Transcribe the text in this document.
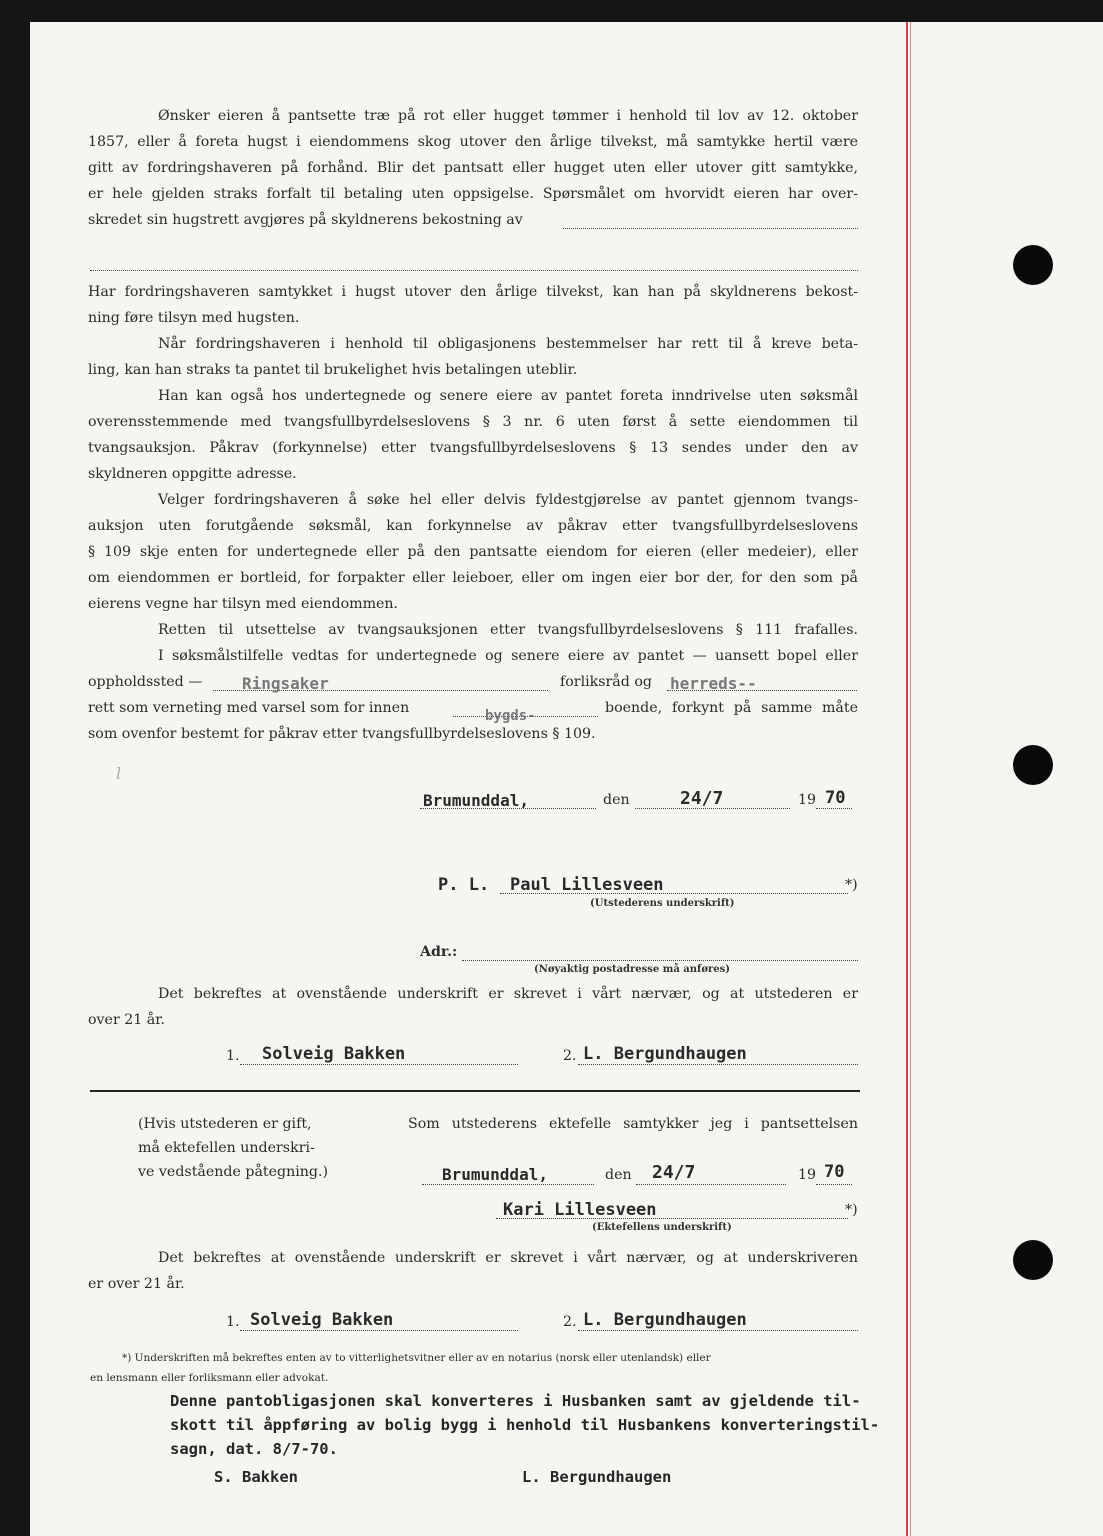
Ønsker eieren å pantsette træ på rot eller hugget tømmer i henhold til lov av 12. oktober
1857, eller å foreta hugst i eiendommens skog utover den årlige tilvekst, må samtykke hertil være
gitt av fordringshaveren på forhånd. Blir det pantsatt eller hugget uten eller utover gitt samtykke,
er hele gjelden straks forfalt til betaling uten oppsigelse. Spørsmålet om hvorvidt eieren har over-
skredet sin hugstrett avgjøres på skyldnerens bekostning av
Har fordringshaveren samtykket i hugst utover den årlige tilvekst, kan han på skyldnerens bekost-
ning føre tilsyn med hugsten.
Når fordringshaveren i henhold til obligasjonens bestemmelser har rett til å kreve beta-
ling, kan han straks ta pantet til brukelighet hvis betalingen uteblir.
Han kan også hos undertegnede og senere eiere av pantet foreta inndrivelse uten søksmål
overensstemmende med tvangsfullbyrdelseslovens § 3 nr. 6 uten først å sette eiendommen til
tvangsauksjon. Påkrav (forkynnelse) etter tvangsfullbyrdelseslovens § 13 sendes under den av
skyldneren oppgitte adresse.
Velger fordringshaveren å søke hel eller delvis fyldestgjørelse av pantet gjennom tvangs-
auksjon uten forutgående søksmål, kan forkynnelse av påkrav etter tvangsfullbyrdelseslovens
§ 109 skje enten for undertegnede eller på den pantsatte eiendom for eieren (eller medeier), eller
om eiendommen er bortleid, for forpakter eller leieboer, eller om ingen eier bor der, for den som på
eierens vegne har tilsyn med eiendommen.
Retten til utsettelse av tvangsauksjonen etter tvangsfullbyrdelseslovens § 111 frafalles.
I søksmålstilfelle vedtas for undertegnede og senere eiere av pantet — uansett bopel eller
oppholdssted — Ringsaker	forliksråd og herreds--
rett som verneting med varsel som for innen	bygds-	boende, forkynt på samme måte
som ovenfor bestemt for påkrav etter tvangsfullbyrdelseslovens § 109.
l
Brumunddal,	den	24/7	19 70
P. L. Paul Lillesveen	*)
(Utstederens underskrift)
Adr.:
(Nøyaktig postadresse må anføres)
Det bekreftes at ovenstående underskrift er skrevet i vårt nærvær, og at utstederen er
over 21 år.
1. Solveig Bakken	2. L. Bergundhaugen
(Hvis utstederen er gift,
må ektefellen underskri-
ve vedstående påtegning.)
Som utstederens ektefelle samtykker jeg i pantsettelsen
Brumunddal,	den 24/7	19 70
Kari Lillesveen	*)
(Ektefellens underskrift)
Det bekreftes at ovenstående underskrift er skrevet i vårt nærvær, og at underskriveren
er over 21 år.
1. Solveig Bakken	2. L. Bergundhaugen
*) Underskriften må bekreftes enten av to vitterlighetsvitner eller av en notarius (norsk eller utenlandsk) eller
en lensmann eller forliksmann eller advokat.
Denne pantobligasjonen skal konverteres i Husbanken samt av gjeldende til-
skott til åppføring av bolig bygg i henhold til Husbankens konverteringstil-
sagn, dat. 8/7-70.
S. Bakken	L. Bergundhaugen
